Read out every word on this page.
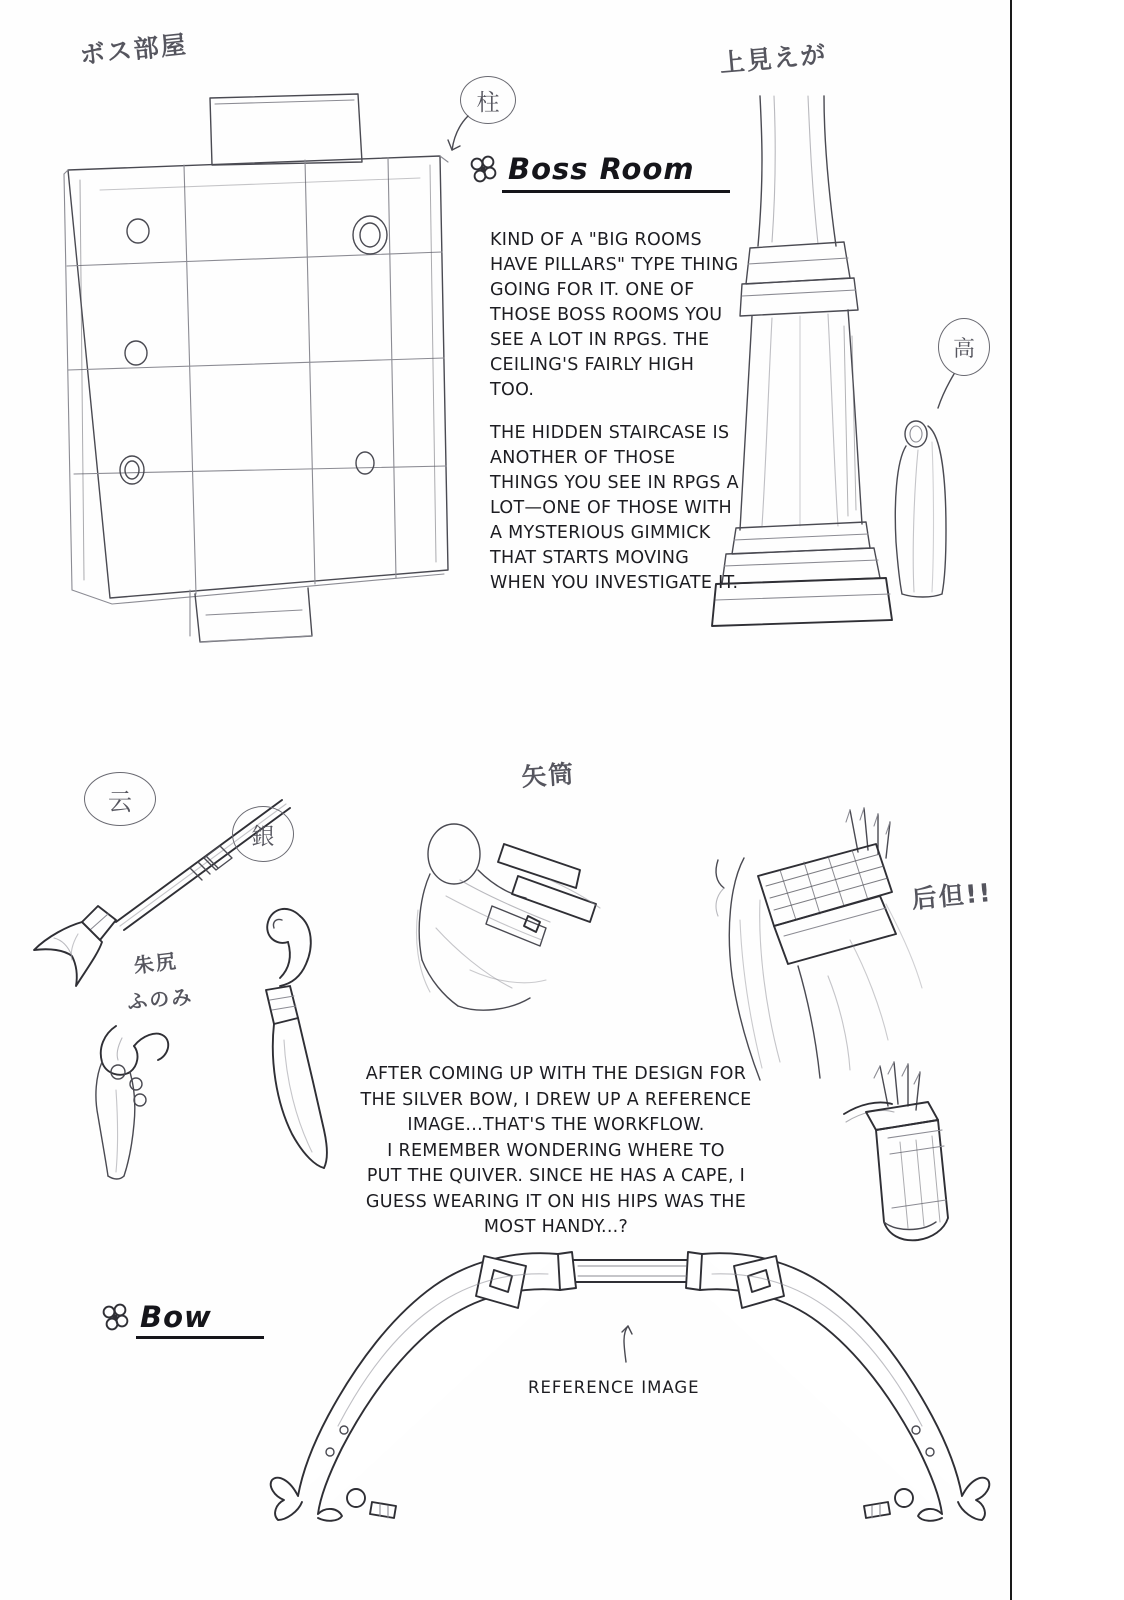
ボス部屋	上見えが
柱
Boss Room

KIND OF A "BIG ROOMS HAVE PILLARS" TYPE THING GOING FOR IT. ONE OF THOSE BOSS ROOMS YOU SEE A LOT IN RPGS. THE CEILING'S FAIRLY HIGH TOO.

THE HIDDEN STAIRCASE IS ANOTHER OF THOSE THINGS YOU SEE IN RPGS A LOT—ONE OF THOSE WITH A MYSTERIOUS GIMMICK THAT STARTS MOVING WHEN YOU INVESTIGATE IT.

高
云
銀
朱尻
ふのみ
矢筒
后但!!
AFTER COMING UP WITH THE DESIGN FOR
THE SILVER BOW, I DREW UP A REFERENCE
IMAGE...THAT'S THE WORKFLOW.
I REMEMBER WONDERING WHERE TO
PUT THE QUIVER. SINCE HE HAS A CAPE, I
GUESS WEARING IT ON HIS HIPS WAS THE
MOST HANDY...?
Bow
REFERENCE IMAGE
